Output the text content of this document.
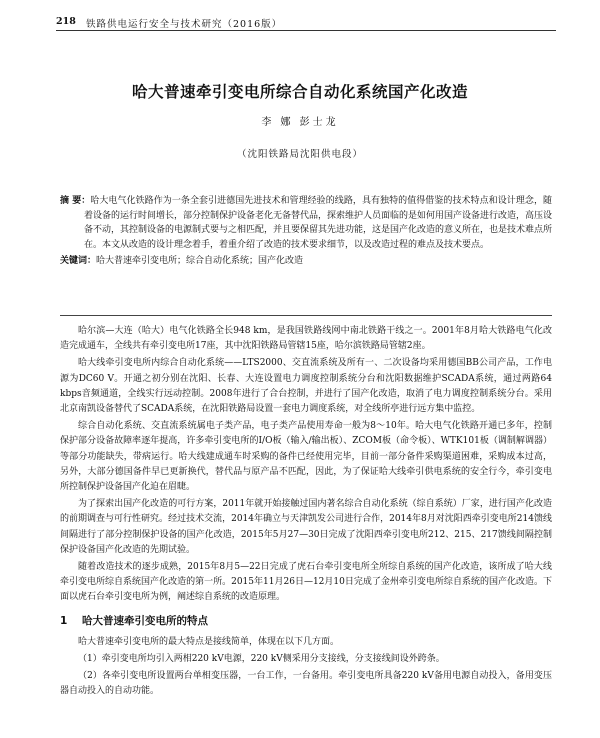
218 铁路供电运行安全与技术研究（2016版）
哈大普速牵引变电所综合自动化系统国产化改造
李 娜 彭士龙
（沈阳铁路局沈阳供电段）
摘 要：哈大电气化铁路作为一条全套引进德国先进技术和管理经验的线路，具有独特的值得借鉴的技术特点和设计理念，随着设备的运行时间增长，部分控制保护设备老化无备替代品，探索维护人员面临的是如何用国产设备进行改造，高压设备不动，其控制设备的电源制式要与之相匹配，并且要保留其先进功能，这是国产化改造的意义所在，也是技术难点所在。本文从改造的设计理念着手，着重介绍了改造的技术要求细节，以及改造过程的难点及技术要点。
关键词：哈大普速牵引变电所；综合自动化系统；国产化改造

哈尔滨—大连（哈大）电气化铁路全长948 km，是我国铁路线网中南北铁路干线之一。2001年8月哈大铁路电气化改造完成通车，全线共有牵引变电所17座，其中沈阳铁路局管辖15座，哈尔滨铁路局管辖2座。

哈大线牵引变电所内综合自动化系统——LTS2000、交直流系统及所有一、二次设备均采用德国BB公司产品，工作电源为DC60 V。开通之初分别在沈阳、长春、大连设置电力调度控制系统分台和沈阳数据维护SCADA系统，通过两路64 kbps音频通道，全线实行远动控制。2008年进行了合台控制，并进行了国产化改造，取消了电力调度控制系统分台。采用北京南凯设备替代了SCADA系统，在沈阳铁路局设置一套电力调度系统，对全线所亭进行远方集中监控。

综合自动化系统、交直流系统属电子类产品，电子类产品使用寿命一般为8～10年。哈大电气化铁路开通已多年，控制保护部分设备故障率逐年提高，许多牵引变电所的I/O板（输入/输出板）、ZCOM板（命令板）、WTK101板（调制解调器）等部分功能缺失，带病运行。哈大线建成通车时采购的备件已经使用完毕，目前一部分备件采购渠道困难，采购成本过高，另外，大部分德国备件早已更新换代，替代品与原产品不匹配，因此，为了保证哈大线牵引供电系统的安全行今，牵引变电所控制保护设备国产化迫在眉睫。

为了探索出国产化改造的可行方案，2011年就开始接触过国内著名综合自动化系统（综自系统）厂家，进行国产化改造的前期调查与可行性研究。经过技术交流，2014年确立与天津凯发公司进行合作，2014年8月对沈阳西牵引变电所214馈线间隔进行了部分控制保护设备的国产化改造，2015年5月27—30日完成了沈阳西牵引变电所212、215、217馈线间隔控制保护设备国产化改造的先期试验。

随着改造技术的逐步成熟，2015年8月5—22日完成了虎石台牵引变电所全所综自系统的国产化改造，该所成了哈大线牵引变电所综自系统国产化改造的第一所。2015年11月26日—12月10日完成了金州牵引变电所综自系统的国产化改造。下面以虎石台牵引变电所为例，阐述综自系统的改造原理。

1 哈大普速牵引变电所的特点

哈大普速牵引变电所的最大特点是接线简单，体现在以下几方面。

（1）牵引变电所均引入两相220 kV电源，220 kV侧采用分支接线，分支接线间设外跨条。

（2）各牵引变电所设置两台单相变压器，一台工作，一台备用。牵引变电所具备220 kV备用电源自动投入，备用变压器自动投入的自动功能。
